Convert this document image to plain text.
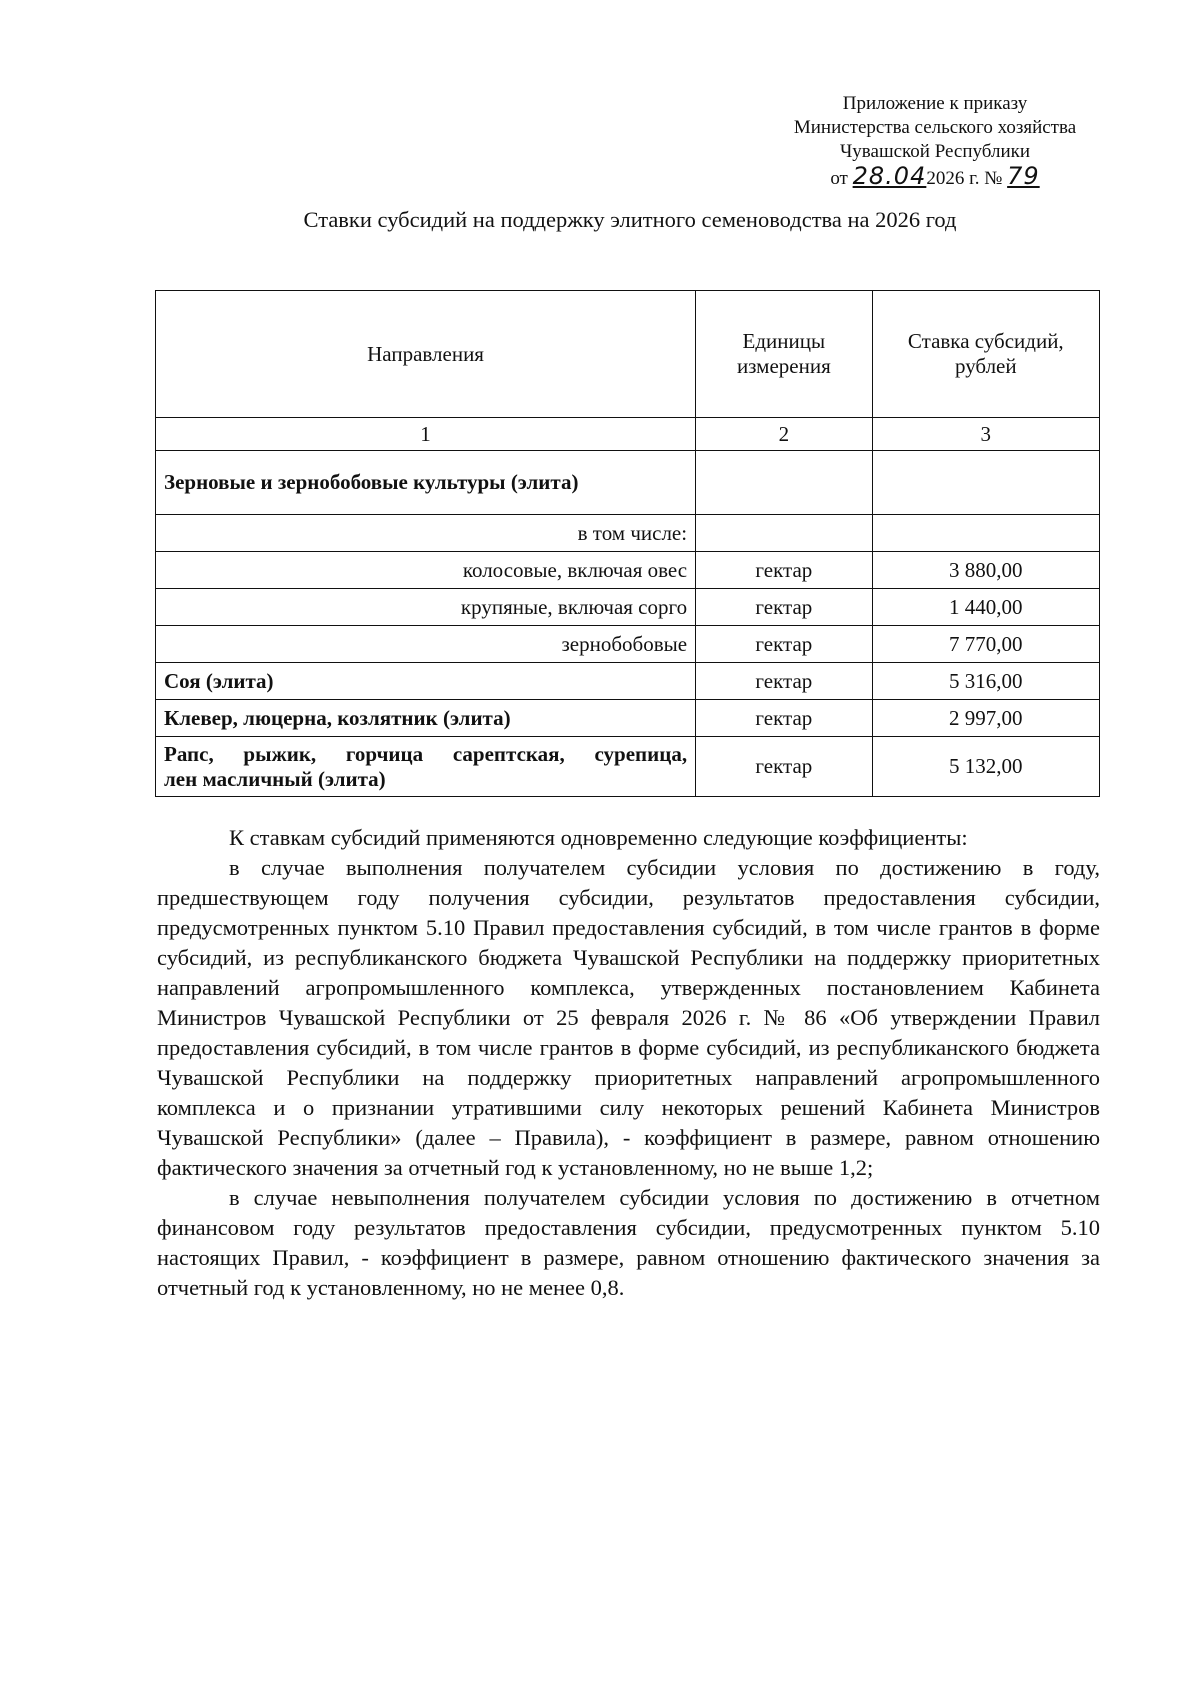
Приложение к приказу
Министерства сельского хозяйства
Чувашской Республики
от 28.042026 г. № 79
Ставки субсидий на поддержку элитного семеноводства на 2026 год
Направления	Единицы измерения	Ставка субсидий, рублей
1	2	3
Зерновые и зернобобовые культуры (элита)		
в том числе:		
колосовые, включая овес	гектар	3 880,00
крупяные, включая сорго	гектар	1 440,00
зернобобовые	гектар	7 770,00
Соя (элита)	гектар	5 316,00
Клевер, люцерна, козлятник (элита)	гектар	2 997,00

Рапс, рыжик, горчица сарептская, сурепица,
лен масличный (элита)	гектар	5 132,00

К ставкам субсидий применяются одновременно следующие коэффициенты:

в случае выполнения получателем субсидии условия по достижению в году, предшествующем году получения субсидии, результатов предоставления субсидии, предусмотренных пунктом 5.10 Правил предоставления субсидий, в том числе грантов в форме субсидий, из республиканского бюджета Чувашской Республики на поддержку приоритетных направлений агропромышленного комплекса, утвержденных постановлением Кабинета Министров Чувашской Республики от 25 февраля 2026 г. № 86 «Об утверждении Правил предоставления субсидий, в том числе грантов в форме субсидий, из республиканского бюджета Чувашской Республики на поддержку приоритетных направлений агропромышленного комплекса и о признании утратившими силу некоторых решений Кабинета Министров Чувашской Республики» (далее – Правила), - коэффициент в размере, равном отношению фактического значения за отчетный год к установленному, но не выше 1,2;

в случае невыполнения получателем субсидии условия по достижению в отчетном финансовом году результатов предоставления субсидии, предусмотренных пунктом 5.10 настоящих Правил, - коэффициент в размере, равном отношению фактического значения за отчетный год к установленному, но не менее 0,8.
